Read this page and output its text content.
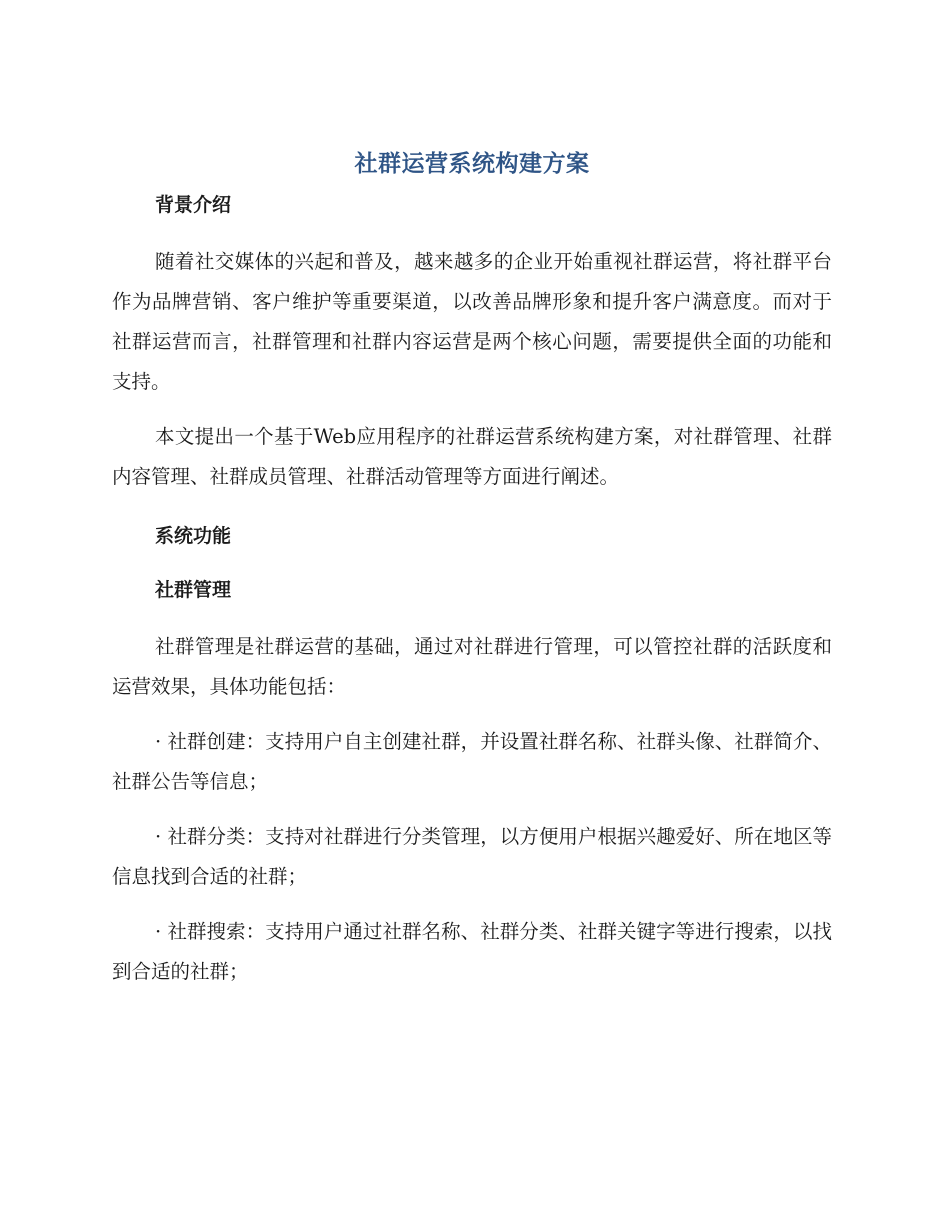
社群运营系统构建方案
背景介绍

随着社交媒体的兴起和普及，越来越多的企业开始重视社群运营，将社群平台作为品牌营销、客户维护等重要渠道，以改善品牌形象和提升客户满意度。而对于社群运营而言，社群管理和社群内容运营是两个核心问题，需要提供全面的功能和支持。

本文提出一个基于Web应用程序的社群运营系统构建方案，对社群管理、社群内容管理、社群成员管理、社群活动管理等方面进行阐述。

系统功能
社群管理

社群管理是社群运营的基础，通过对社群进行管理，可以管控社群的活跃度和运营效果，具体功能包括：

· 社群创建：支持用户自主创建社群，并设置社群名称、社群头像、社群简介、社群公告等信息；

· 社群分类：支持对社群进行分类管理，以方便用户根据兴趣爱好、所在地区等信息找到合适的社群；

· 社群搜索：支持用户通过社群名称、社群分类、社群关键字等进行搜索，以找到合适的社群；
